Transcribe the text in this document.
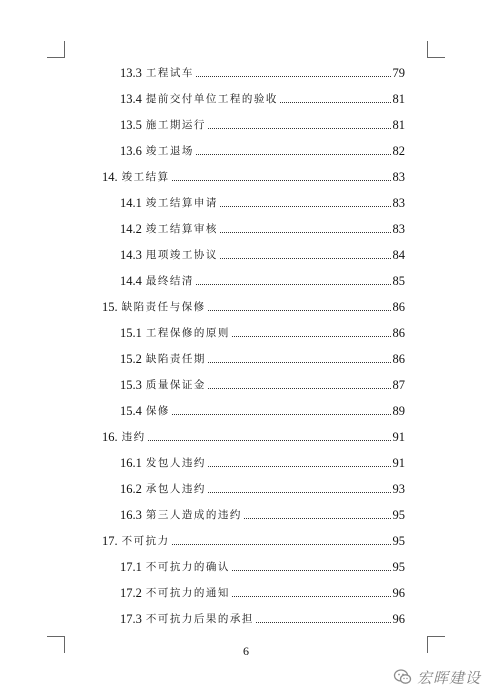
13.3 工程试车	79
13.4 提前交付单位工程的验收	81
13.5 施工期运行	81
13.6 竣工退场	82
14. 竣工结算	83
14.1 竣工结算申请	83
14.2 竣工结算审核	83
14.3 甩项竣工协议	84
14.4 最终结清	85
15. 缺陷责任与保修	86
15.1 工程保修的原则	86
15.2 缺陷责任期	86
15.3 质量保证金	87
15.4 保修	89
16. 违约	91
16.1 发包人违约	91
16.2 承包人违约	93
16.3 第三人造成的违约	95
17. 不可抗力	95
17.1 不可抗力的确认	95
17.2 不可抗力的通知	96
17.3 不可抗力后果的承担	96
6
宏晖建设
